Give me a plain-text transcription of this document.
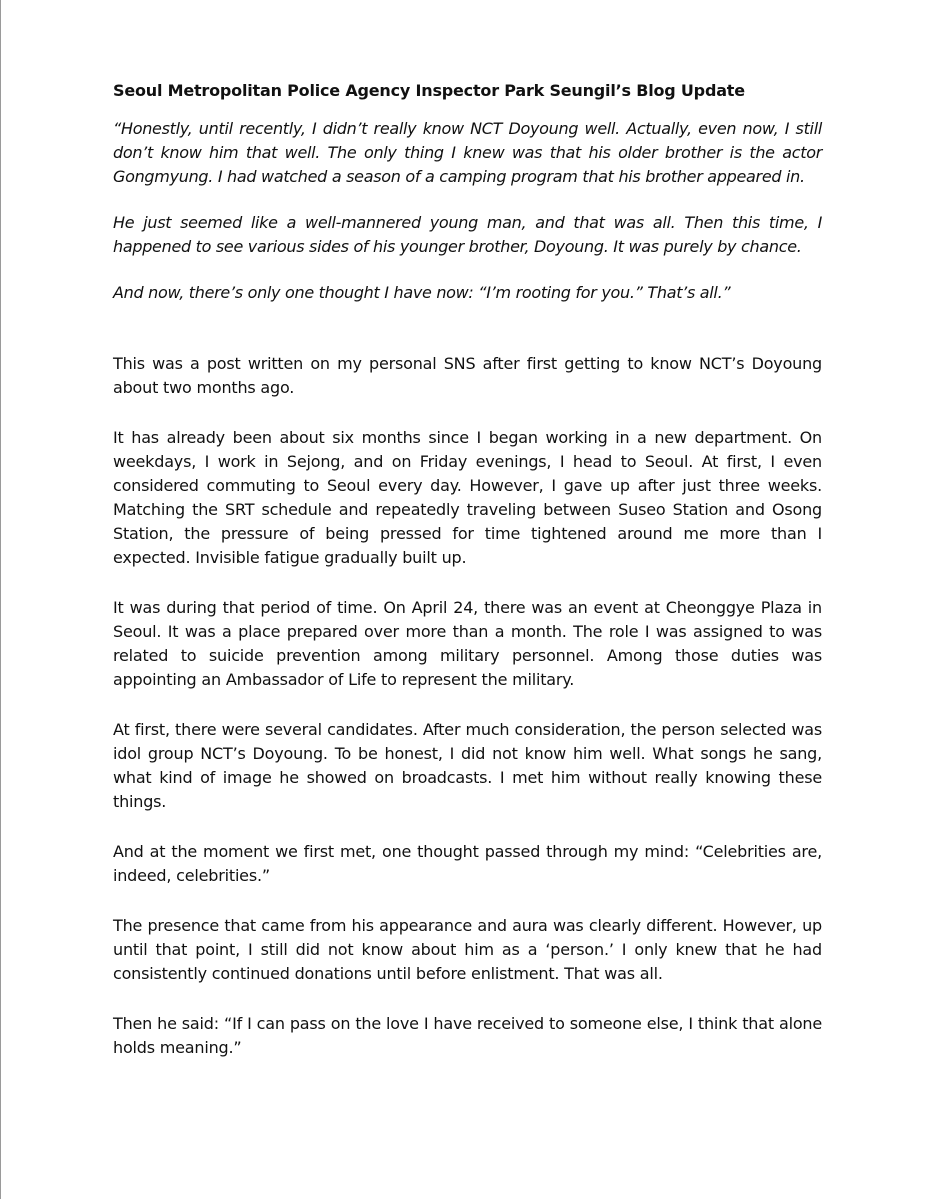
Seoul Metropolitan Police Agency Inspector Park Seungil’s Blog Update

“Honestly, until recently, I didn’t really know NCT Doyoung well. Actually, even now, I still don’t know him that well. The only thing I knew was that his older brother is the actor Gongmyung. I had watched a season of a camping program that his brother appeared in.

He just seemed like a well-mannered young man, and that was all. Then this time, I happened to see various sides of his younger brother, Doyoung. It was purely by chance.

And now, there’s only one thought I have now: “I’m rooting for you.” That’s all.”

This was a post written on my personal SNS after first getting to know NCT’s Doyoung about two months ago.

It has already been about six months since I began working in a new department. On weekdays, I work in Sejong, and on Friday evenings, I head to Seoul. At first, I even considered commuting to Seoul every day. However, I gave up after just three weeks. Matching the SRT schedule and repeatedly traveling between Suseo Station and Osong Station, the pressure of being pressed for time tightened around me more than I expected. Invisible fatigue gradually built up.

It was during that period of time. On April 24, there was an event at Cheonggye Plaza in Seoul. It was a place prepared over more than a month. The role I was assigned to was related to suicide prevention among military personnel. Among those duties was appointing an Ambassador of Life to represent the military.

At first, there were several candidates. After much consideration, the person selected was idol group NCT’s Doyoung. To be honest, I did not know him well. What songs he sang, what kind of image he showed on broadcasts. I met him without really knowing these things.

And at the moment we first met, one thought passed through my mind: “Celebrities are, indeed, celebrities.”

The presence that came from his appearance and aura was clearly different. However, up until that point, I still did not know about him as a ‘person.’ I only knew that he had consistently continued donations until before enlistment. That was all.

Then he said: “If I can pass on the love I have received to someone else, I think that alone holds meaning.”
